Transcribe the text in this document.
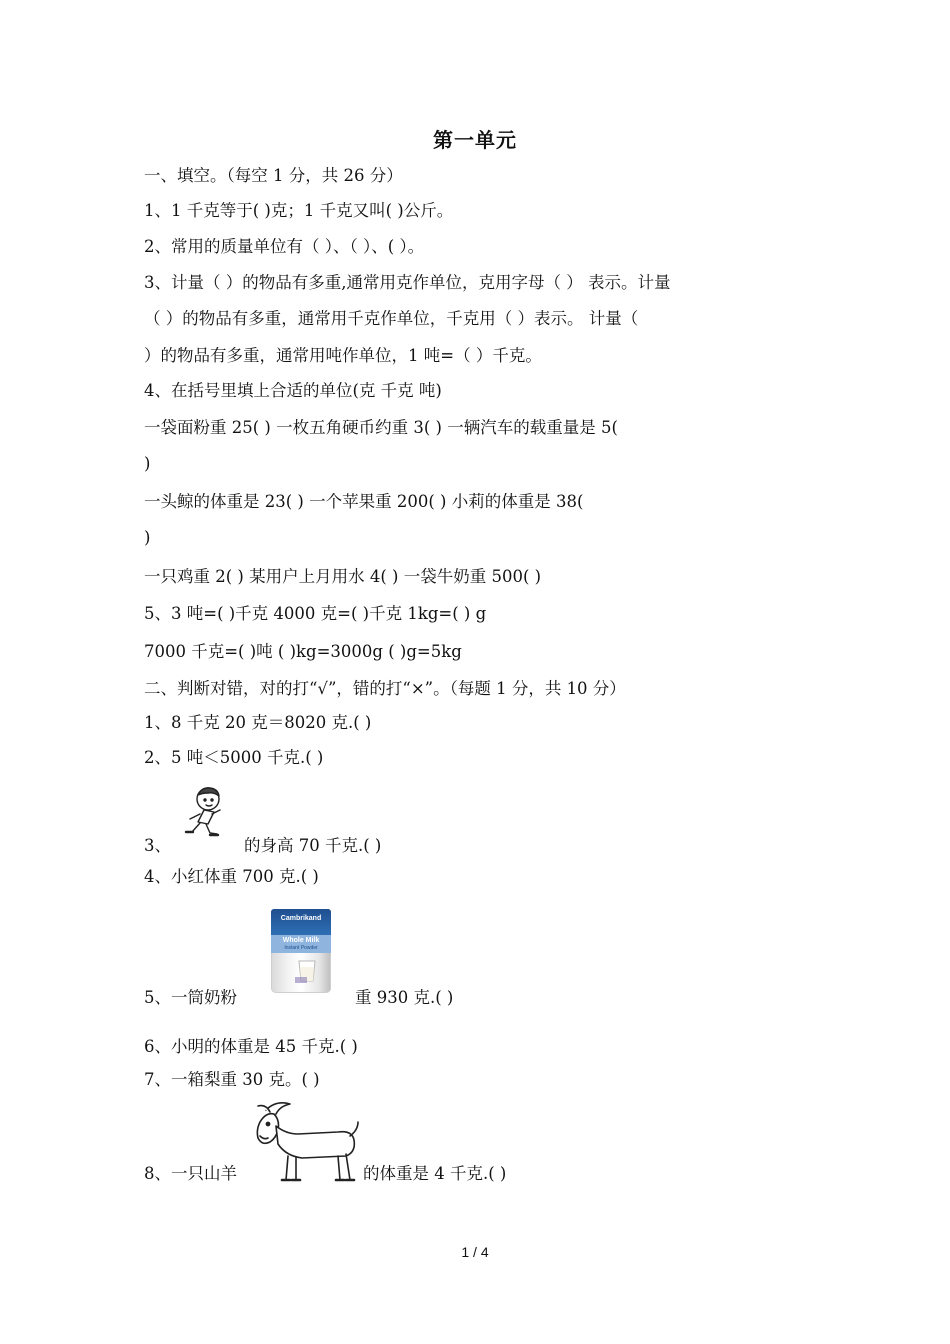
第一单元
一、填空。（每空 1 分，共 26 分）
1、1 千克等于( )克；1 千克又叫( )公斤。
2、常用的质量单位有（ ）、（ ）、( ）。
3、计量（ ）的物品有多重,通常用克作单位，克用字母（ ） 表示。计量
（ ）的物品有多重，通常用千克作单位，千克用（ ）表示。 计量（
）的物品有多重，通常用吨作单位，1 吨=（ ）千克。
4、在括号里填上合适的单位(克 千克 吨)
一袋面粉重 25( ) 一枚五角硬币约重 3( ) 一辆汽车的载重量是 5(
)
一头鲸的体重是 23( ) 一个苹果重 200( ) 小莉的体重是 38(
)
一只鸡重 2( ) 某用户上月用水 4( ) 一袋牛奶重 500( )
5、3 吨=( )千克 4000 克=( )千克 1kg=( ) g
7000 千克=( )吨 ( )kg=3000g ( )g=5kg
二、判断对错，对的打“√”，错的打“×”。（每题 1 分，共 10 分）
1、8 千克 20 克＝8020 克.( )
2、5 吨＜5000 千克.( )
3、	的身高 70 千克.( )
4、小红体重 700 克.( )
Cambrikand
Whole Milk
Instant Powder
5、一筒奶粉	重 930 克.( )
6、小明的体重是 45 千克.( )
7、一箱梨重 30 克。( )
8、一只山羊	的体重是 4 千克.( )
1 / 4
